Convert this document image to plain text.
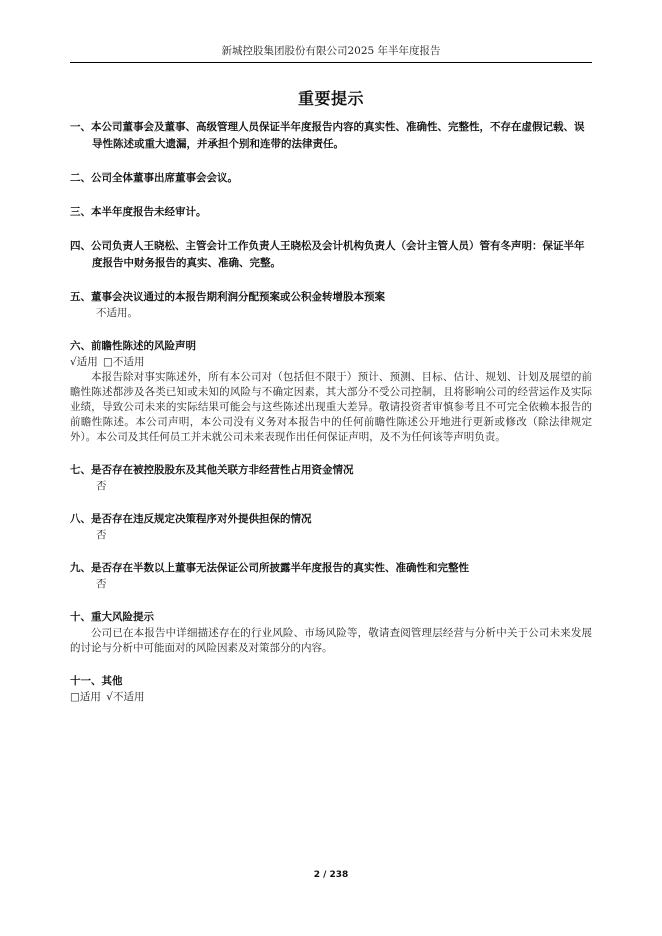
新城控股集团股份有限公司2025 年半年度报告
重要提示
一、本公司董事会及董事、高级管理人员保证半年度报告内容的真实性、准确性、完整性，不存在虚假记载、误导性陈述或重大遗漏，并承担个别和连带的法律责任。
二、公司全体董事出席董事会会议。
三、本半年度报告未经审计。
四、公司负责人王晓松、主管会计工作负责人王晓松及会计机构负责人（会计主管人员）管有冬声明：保证半年度报告中财务报告的真实、准确、完整。
五、董事会决议通过的本报告期利润分配预案或公积金转增股本预案
不适用。
六、前瞻性陈述的风险声明
√适用 □不适用
本报告除对事实陈述外，所有本公司对（包括但不限于）预计、预测、目标、估计、规划、计划及展望的前瞻性陈述都涉及各类已知或未知的风险与不确定因素，其大部分不受公司控制，且将影响公司的经营运作及实际业绩，导致公司未来的实际结果可能会与这些陈述出现重大差异。敬请投资者审慎参考且不可完全依赖本报告的前瞻性陈述。本公司声明，本公司没有义务对本报告中的任何前瞻性陈述公开地进行更新或修改（除法律规定外）。本公司及其任何员工并未就公司未来表现作出任何保证声明，及不为任何该等声明负责。
七、是否存在被控股股东及其他关联方非经营性占用资金情况
否
八、是否存在违反规定决策程序对外提供担保的情况
否
九、是否存在半数以上董事无法保证公司所披露半年度报告的真实性、准确性和完整性
否
十、重大风险提示
公司已在本报告中详细描述存在的行业风险、市场风险等，敬请查阅管理层经营与分析中关于公司未来发展的讨论与分析中可能面对的风险因素及对策部分的内容。
十一、其他
□适用 √不适用
2 / 238
